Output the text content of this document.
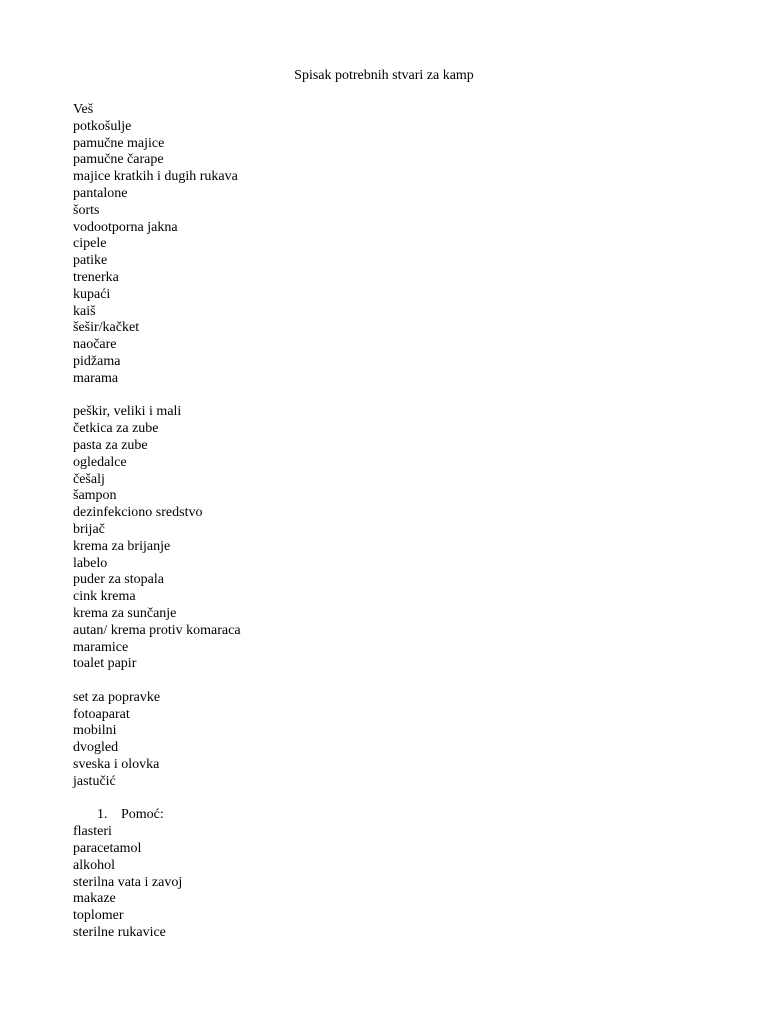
Spisak potrebnih stvari za kamp
Veš
potkošulje
pamučne majice
pamučne čarape
majice kratkih i dugih rukava
pantalone
šorts
vodootporna jakna
cipele
patike
trenerka
kupaći
kaiš
šešir/kačket
naočare
pidžama
marama
peškir, veliki i mali
četkica za zube
pasta za zube
ogledalce
češalj
šampon
dezinfekciono sredstvo
brijač
krema za brijanje
labelo
puder za stopala
cink krema
krema za sunčanje
autan/ krema protiv komaraca
maramice
toalet papir
set za popravke
fotoaparat
mobilni
dvogled
sveska i olovka
jastučić
1. Pomoć:
flasteri
paracetamol
alkohol
sterilna vata i zavoj
makaze
toplomer
sterilne rukavice
